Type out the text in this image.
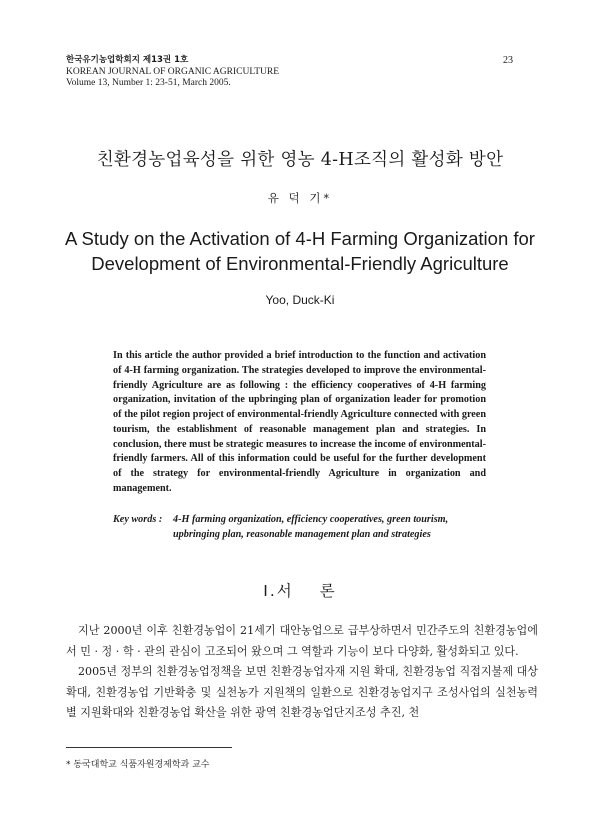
한국유기농업학회지 제13권 1호
KOREAN JOURNAL OF ORGANIC AGRICULTURE
Volume 13, Number 1: 23-51, March 2005.
23
친환경농업육성을 위한 영농 4-H조직의 활성화 방안
유 덕 기*
A Study on the Activation of 4-H Farming Organization for
Development of Environmental-Friendly Agriculture
Yoo, Duck-Ki
In this article the author provided a brief introduction to the function and activation of 4-H farming organization. The strategies developed to improve the environmental-friendly Agriculture are as following : the efficiency cooperatives of 4-H farming organization, invitation of the upbringing plan of organization leader for promotion of the pilot region project of environmental-friendly Agriculture connected with green tourism, the establishment of reasonable management plan and strategies. In conclusion, there must be strategic measures to increase the income of environmental-friendly farmers. All of this information could be useful for the further development of the strategy for environmental-friendly Agriculture in organization and management.
Key words : 4-H farming organization, efficiency cooperatives, green tourism,
upbringing plan, reasonable management plan and strategies
Ⅰ.서 론

지난 2000년 이후 친환경농업이 21세기 대안농업으로 급부상하면서 민간주도의 친환경농업에서 민 · 정 · 학 · 관의 관심이 고조되어 왔으며 그 역할과 기능이 보다 다양화, 활성화되고 있다.

2005년 정부의 친환경농업정책을 보면 친환경농업자재 지원 확대, 친환경농업 직접지불제 대상 확대, 친환경농업 기반확충 및 실천농가 지원책의 일환으로 친환경농업지구 조성사업의 실천농력별 지원확대와 친환경농업 확산을 위한 광역 친환경농업단지조성 추진, 천

* 동국대학교 식품자원경제학과 교수
